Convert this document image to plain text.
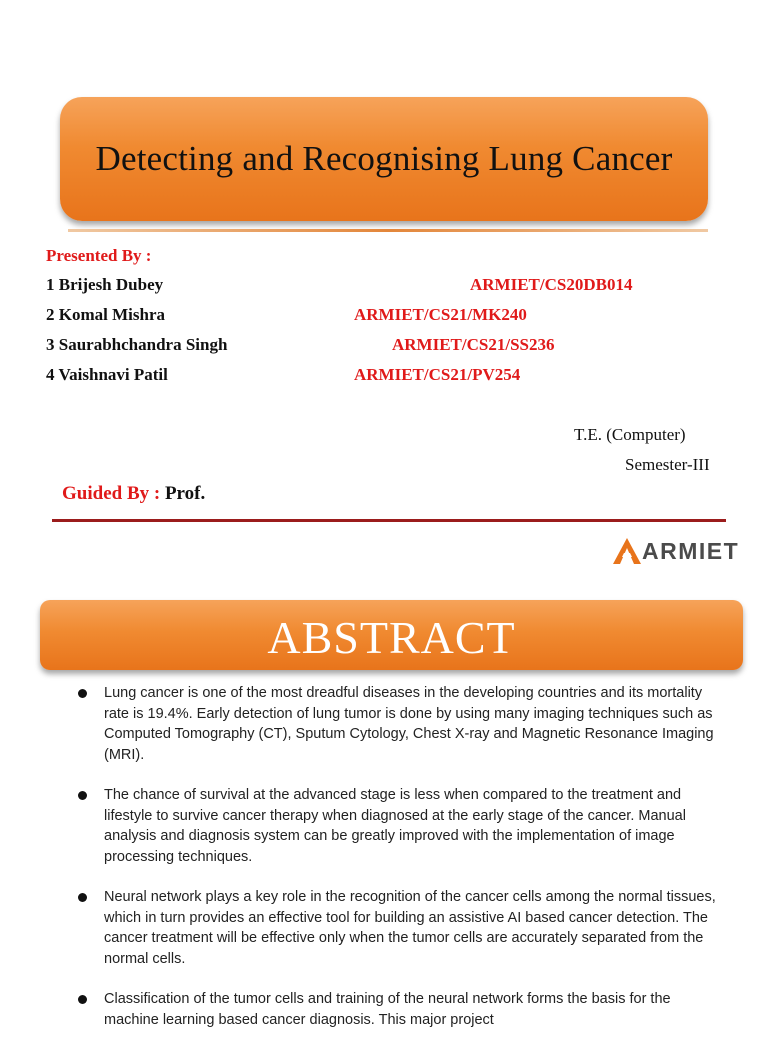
Detecting and Recognising Lung Cancer
Presented By :
1 Brijesh Dubey	ARMIET/CS20DB014
2 Komal Mishra	ARMIET/CS21/MK240
3 Saurabhchandra Singh	ARMIET/CS21/SS236
4 Vaishnavi Patil	ARMIET/CS21/PV254
T.E. (Computer)
Semester-III
Guided By : Prof.
ARMIET
ABSTRACT
Lung cancer is one of the most dreadful diseases in the developing countries and its mortality rate is 19.4%. Early detection of lung tumor is done by using many imaging techniques such as Computed Tomography (CT), Sputum Cytology, Chest X-ray and Magnetic Resonance Imaging (MRI).
The chance of survival at the advanced stage is less when compared to the treatment and lifestyle to survive cancer therapy when diagnosed at the early stage of the cancer. Manual analysis and diagnosis system can be greatly improved with the implementation of image processing techniques.
Neural network plays a key role in the recognition of the cancer cells among the normal tissues, which in turn provides an effective tool for building an assistive AI based cancer detection. The cancer treatment will be effective only when the tumor cells are accurately separated from the normal cells.
Classification of the tumor cells and training of the neural network forms the basis for the machine learning based cancer diagnosis. This major project
